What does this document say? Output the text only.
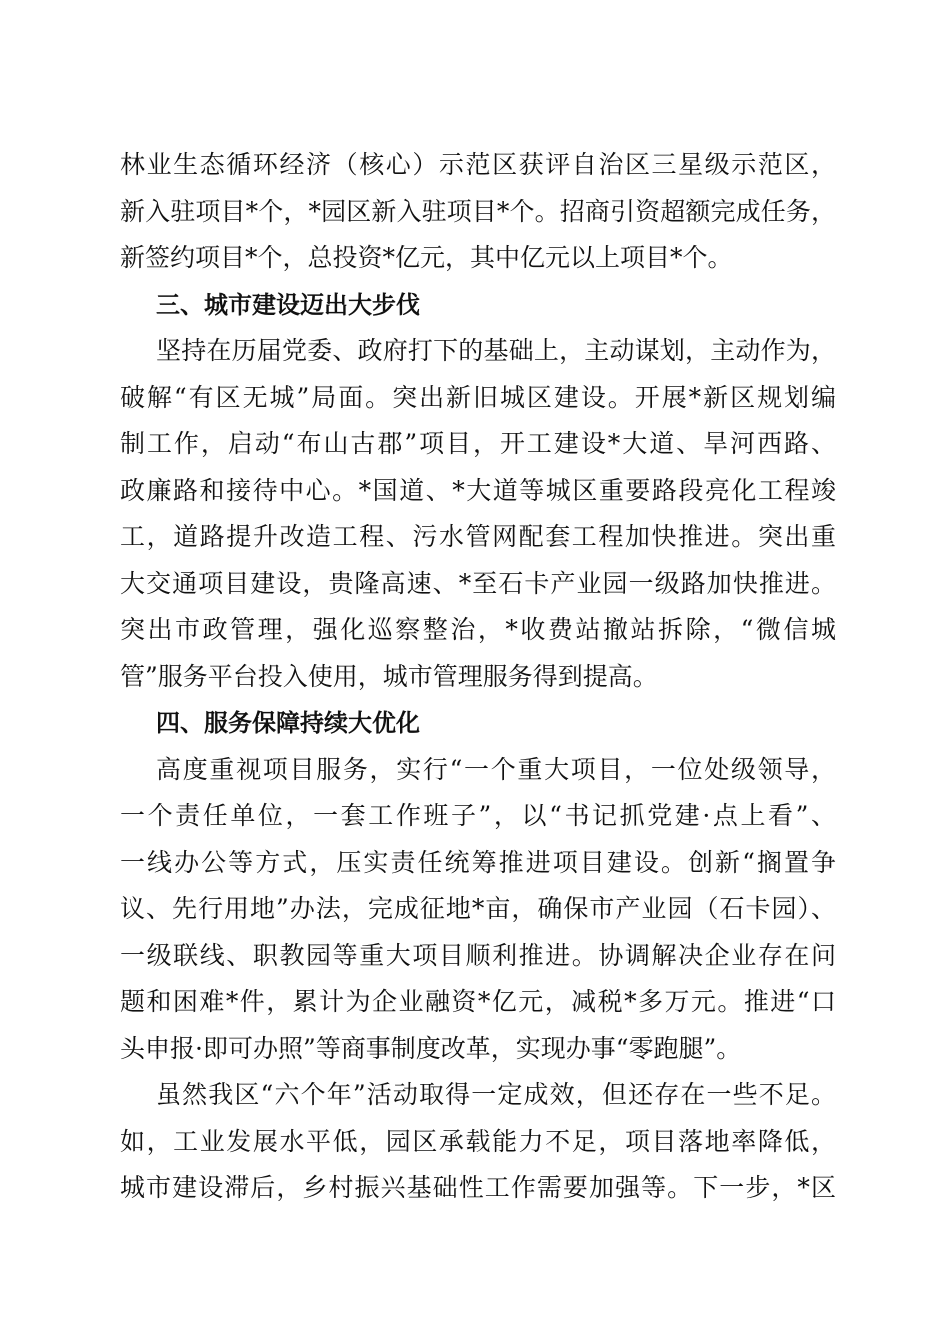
林业生态循环经济（核心）示范区获评自治区三星级示范区，
新入驻项目*个，*园区新入驻项目*个。招商引资超额完成任务，
新签约项目*个，总投资*亿元，其中亿元以上项目*个。
三、城市建设迈出大步伐
坚持在历届党委、政府打下的基础上，主动谋划，主动作为，
破解“有区无城”局面。突出新旧城区建设。开展*新区规划编
制工作，启动“布山古郡”项目，开工建设*大道、旱河西路、
政廉路和接待中心。*国道、*大道等城区重要路段亮化工程竣
工，道路提升改造工程、污水管网配套工程加快推进。突出重
大交通项目建设，贵隆高速、*至石卡产业园一级路加快推进。
突出市政管理，强化巡察整治，*收费站撤站拆除，“微信城
管”服务平台投入使用，城市管理服务得到提高。
四、服务保障持续大优化
高度重视项目服务，实行“一个重大项目，一位处级领导，
一个责任单位，一套工作班子”，以“书记抓党建·点上看”、
一线办公等方式，压实责任统筹推进项目建设。创新“搁置争
议、先行用地”办法，完成征地*亩，确保市产业园（石卡园）、
一级联线、职教园等重大项目顺利推进。协调解决企业存在问
题和困难*件，累计为企业融资*亿元，减税*多万元。推进“口
头申报·即可办照”等商事制度改革，实现办事“零跑腿”。
虽然我区“六个年”活动取得一定成效，但还存在一些不足。
如，工业发展水平低，园区承载能力不足，项目落地率降低，
城市建设滞后，乡村振兴基础性工作需要加强等。下一步，*区
